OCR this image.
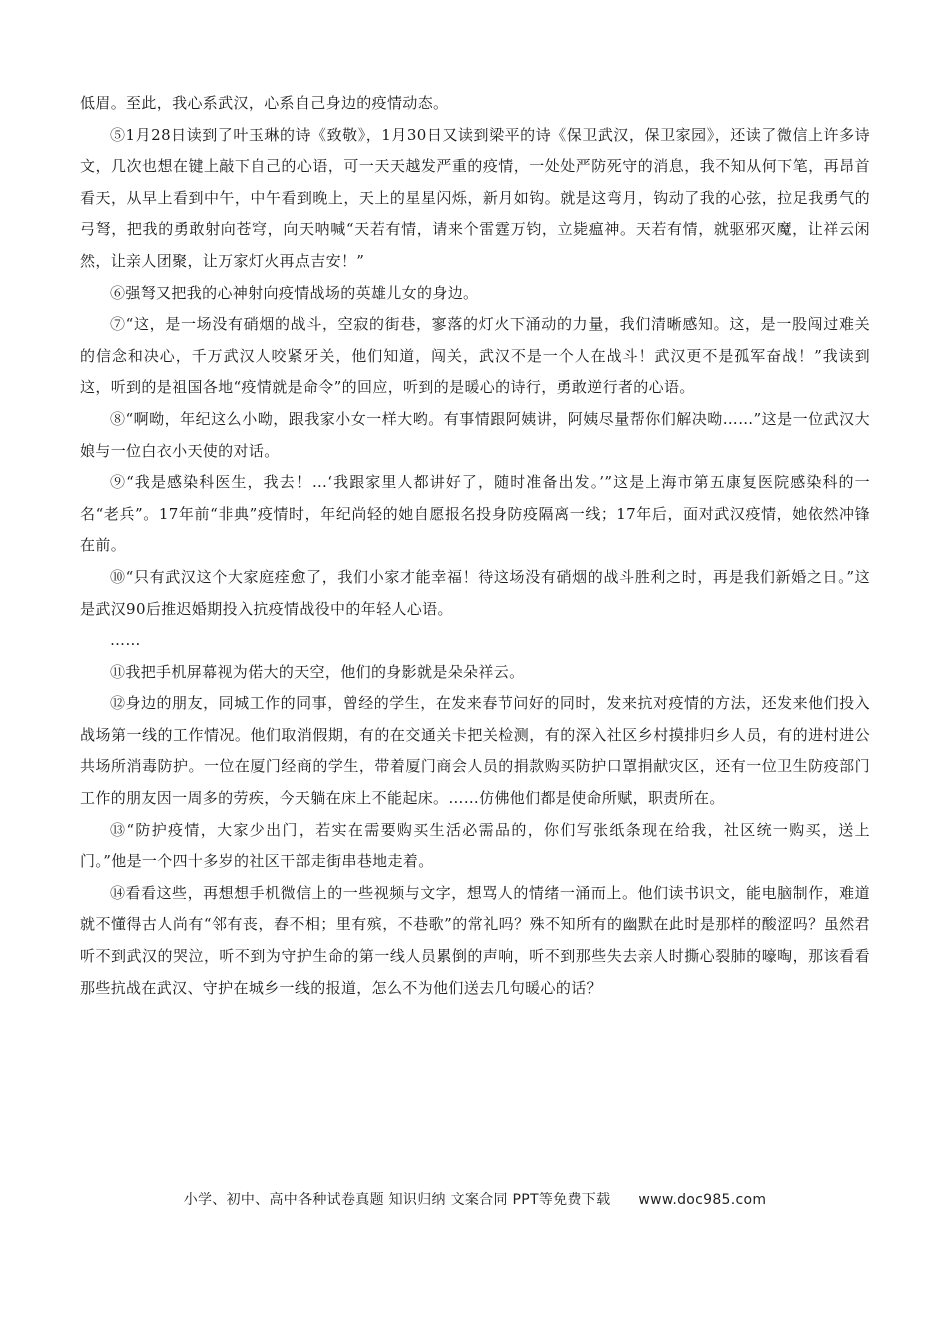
低眉。至此，我心系武汉，心系自己身边的疫情动态。

⑤1月28日读到了叶玉琳的诗《致敬》，1月30日又读到梁平的诗《保卫武汉，保卫家园》，还读了微信上许多诗文，几次也想在键上敲下自己的心语，可一天天越发严重的疫情，一处处严防死守的消息，我不知从何下笔，再昂首看天，从早上看到中午，中午看到晚上，天上的星星闪烁，新月如钩。就是这弯月，钩动了我的心弦，拉足我勇气的弓弩，把我的勇敢射向苍穹，向天呐喊“天若有情，请来个雷霆万钧，立毙瘟神。天若有情，就驱邪灭魔，让祥云闲然，让亲人团聚，让万家灯火再点吉安！”

⑥强弩又把我的心神射向疫情战场的英雄儿女的身边。

⑦“这，是一场没有硝烟的战斗，空寂的街巷，寥落的灯火下涌动的力量，我们清晰感知。这，是一股闯过难关的信念和决心，千万武汉人咬紧牙关，他们知道，闯关，武汉不是一个人在战斗！武汉更不是孤军奋战！”我读到这，听到的是祖国各地“疫情就是命令”的回应，听到的是暖心的诗行，勇敢逆行者的心语。

⑧“啊呦，年纪这么小呦，跟我家小女一样大哟。有事情跟阿姨讲，阿姨尽量帮你们解决呦……”这是一位武汉大娘与一位白衣小天使的对话。

⑨“我是感染科医生，我去！…‘我跟家里人都讲好了，随时准备出发。’”这是上海市第五康复医院感染科的一名“老兵”。17年前“非典”疫情时，年纪尚轻的她自愿报名投身防疫隔离一线；17年后，面对武汉疫情，她依然冲锋在前。

⑩“只有武汉这个大家庭痊愈了，我们小家才能幸福！待这场没有硝烟的战斗胜利之时，再是我们新婚之日。”这是武汉90后推迟婚期投入抗疫情战役中的年轻人心语。

……

⑪我把手机屏幕视为偌大的天空，他们的身影就是朵朵祥云。

⑫身边的朋友，同城工作的同事，曾经的学生，在发来春节问好的同时，发来抗对疫情的方法，还发来他们投入战场第一线的工作情况。他们取消假期，有的在交通关卡把关检测，有的深入社区乡村摸排归乡人员，有的进村进公共场所消毒防护。一位在厦门经商的学生，带着厦门商会人员的捐款购买防护口罩捐献灾区，还有一位卫生防疫部门工作的朋友因一周多的劳疾，今天躺在床上不能起床。……仿佛他们都是使命所赋，职责所在。

⑬“防护疫情，大家少出门，若实在需要购买生活必需品的，你们写张纸条现在给我，社区统一购买，送上门。”他是一个四十多岁的社区干部走街串巷地走着。

⑭看看这些，再想想手机微信上的一些视频与文字，想骂人的情绪一涌而上。他们读书识文，能电脑制作，难道就不懂得古人尚有“邻有丧，舂不相；里有殡，不巷歌”的常礼吗？殊不知所有的幽默在此时是那样的酸涩吗？虽然君听不到武汉的哭泣，听不到为守护生命的第一线人员累倒的声响，听不到那些失去亲人时撕心裂肺的嚎啕，那该看看那些抗战在武汉、守护在城乡一线的报道，怎么不为他们送去几句暖心的话？

小学、初中、高中各种试卷真题 知识归纳 文案合同 PPT等免费下载 www.doc985.com
